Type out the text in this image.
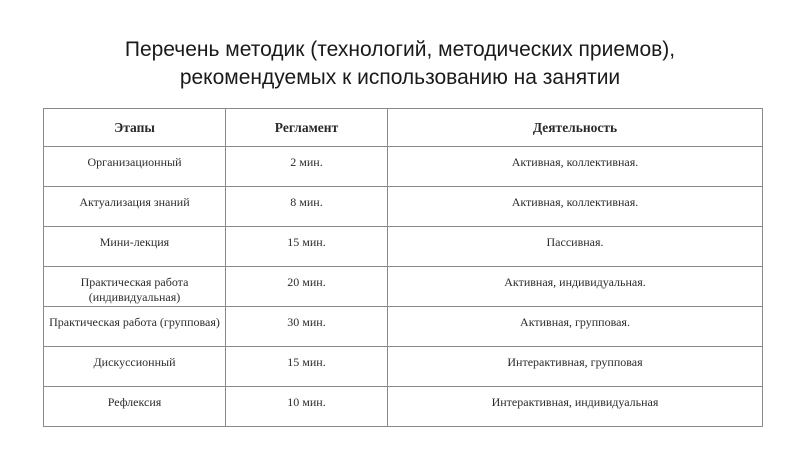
Перечень методик (технологий, методических приемов),
рекомендуемых к использованию на занятии
Этапы	Регламент	Деятельность
Организационный	2 мин.	Активная, коллективная.
Актуализация знаний	8 мин.	Активная, коллективная.
Мини-лекция	15 мин.	Пассивная.
Практическая работа (индивидуальная)	20 мин.	Активная, индивидуальная.
Практическая работа (групповая)	30 мин.	Активная, групповая.
Дискуссионный	15 мин.	Интерактивная, групповая
Рефлексия	10 мин.	Интерактивная, индивидуальная
